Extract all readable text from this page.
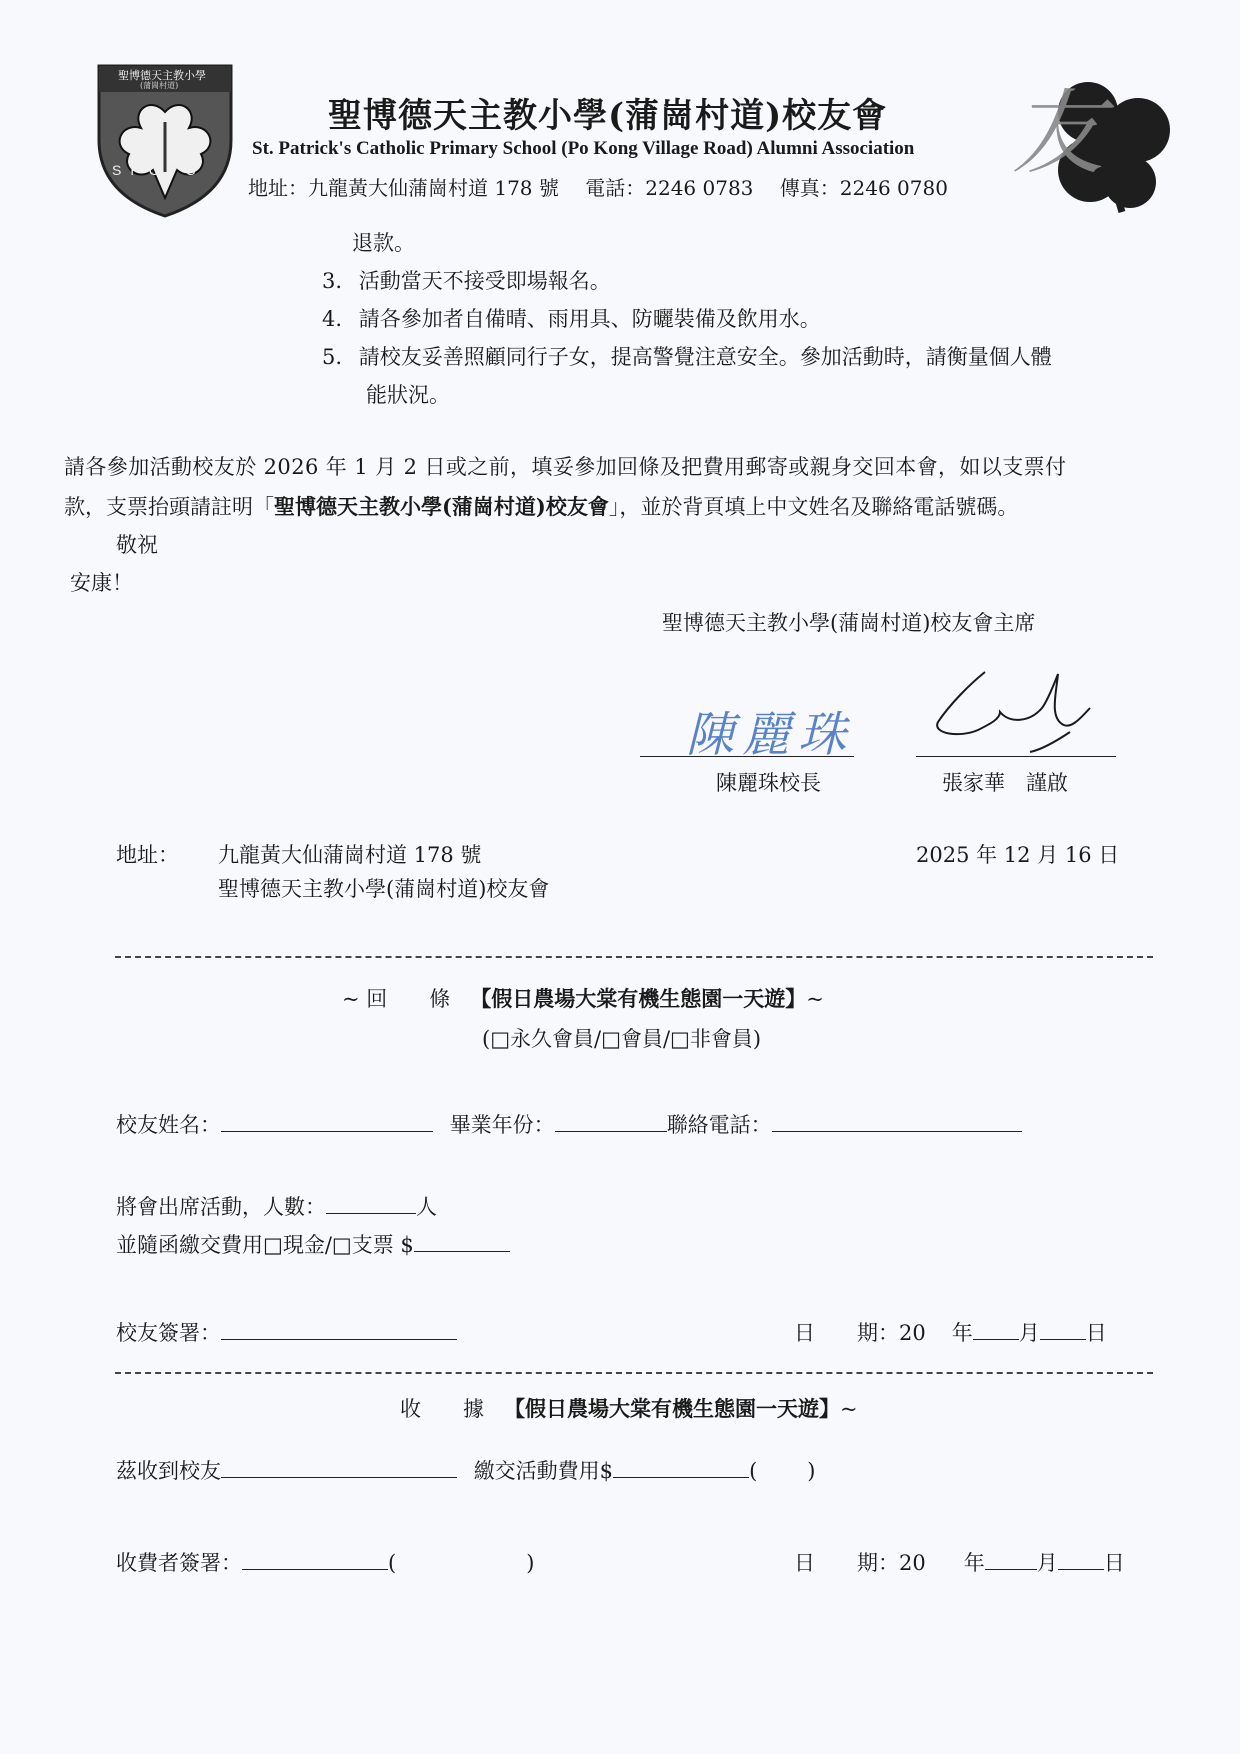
聖博德天主教小學
(蒲崗村道)
SPCPS
聖博德天主教小學(蒲崗村道)校友會
St. Patrick's Catholic Primary School (Po Kong Village Road) Alumni Association
地址：九龍黃大仙蒲崗村道 178 號　 電話：2246 0783　 傳真：2246 0780
友
退款。
3. 活動當天不接受即場報名。
4. 請各參加者自備晴、雨用具、防曬裝備及飲用水。
5. 請校友妥善照顧同行子女，提高警覺注意安全。參加活動時，請衡量個人體
能狀況。
請各參加活動校友於 2026 年 1 月 2 日或之前，填妥參加回條及把費用郵寄或親身交回本會，如以支票付
款，支票抬頭請註明「聖博德天主教小學(蒲崗村道)校友會」，並於背頁填上中文姓名及聯絡電話號碼。
敬祝
安康！
聖博德天主教小學(蒲崗村道)校友會主席
陳麗珠
陳麗珠校長	張家華　謹啟
地址： 九龍黃大仙蒲崗村道 178 號
聖博德天主教小學(蒲崗村道)校友會
2025 年 12 月 16 日
~ 回　　條 【假日農場大棠有機生態園一天遊】~
(□永久會員/□會員/□非會員)
校友姓名：	畢業年份：	聯絡電話：
將會出席活動，人數：	人
並隨函繳交費用□現金/□支票 $
校友簽署：	日　　期：20 年 月 日
收　　據 【假日農場大棠有機生態園一天遊】~
茲收到校友	繳交活動費用$	( )
收費者簽署：	(	)	日　　期：20 年 月 日
